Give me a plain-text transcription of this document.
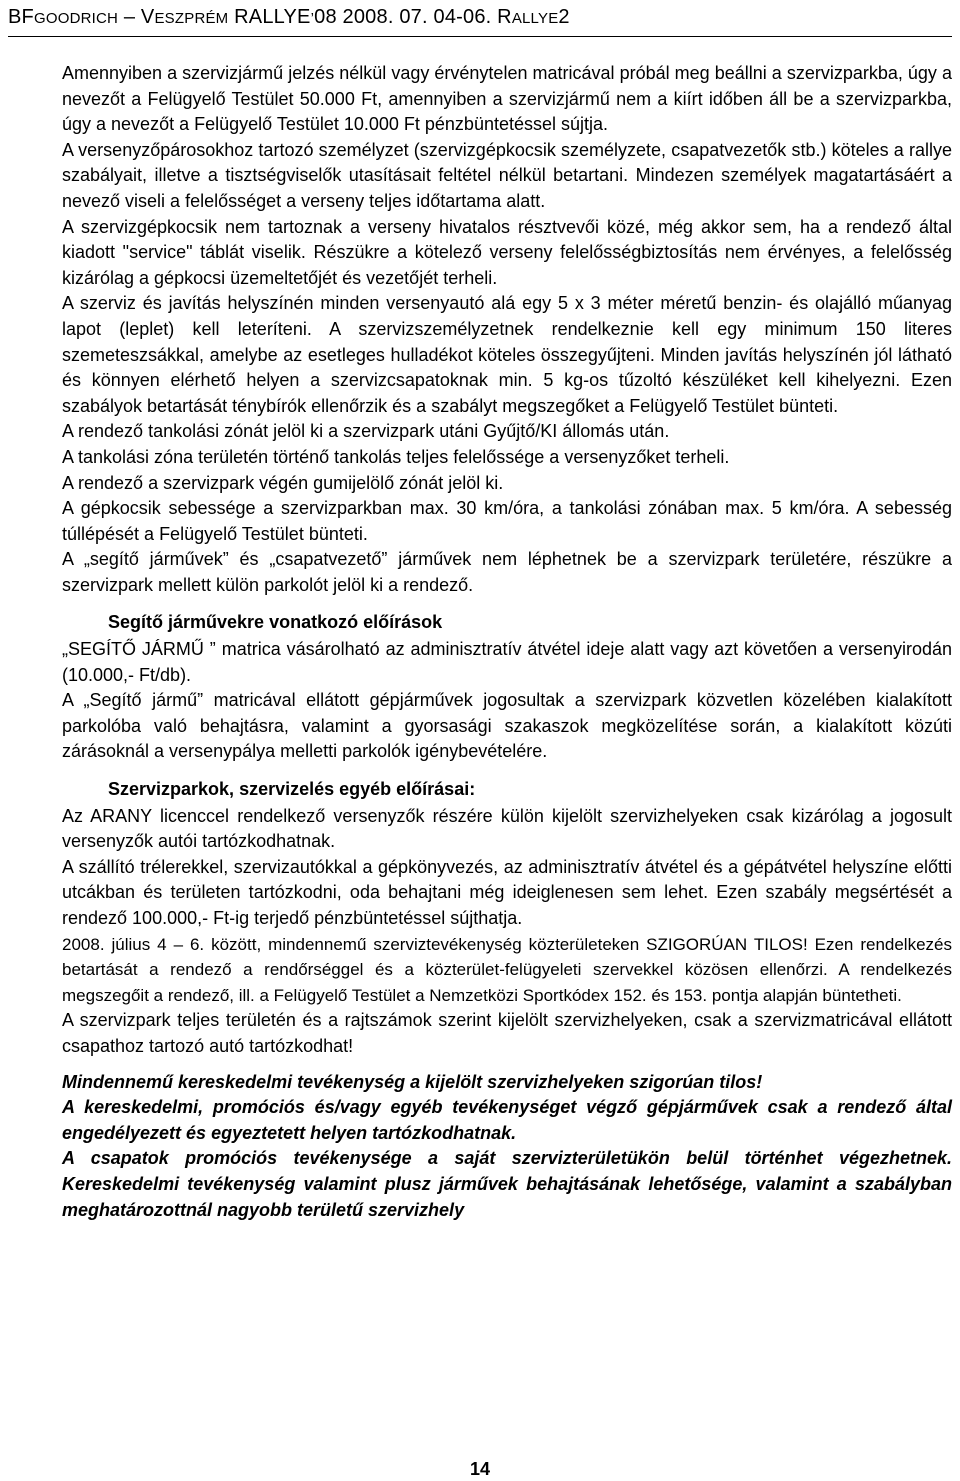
BFGOODRICH – VESZPRÉM RALLYE’08 2008. 07. 04-06. RALLYE2

Amennyiben a szervizjármű jelzés nélkül vagy érvénytelen matricával próbál meg beállni a szervizparkba, úgy a nevezőt a Felügyelő Testület 50.000 Ft, amennyiben a szervizjármű nem a kiírt időben áll be a szervizparkba, úgy a nevezőt a Felügyelő Testület 10.000 Ft pénzbüntetéssel sújtja.

A versenyzőpárosokhoz tartozó személyzet (szervizgépkocsik személyzete, csapatvezetők stb.) köteles a rallye szabályait, illetve a tisztségviselők utasításait feltétel nélkül betartani. Mindezen személyek magatartásáért a nevező viseli a felelősséget a verseny teljes időtartama alatt.

A szervizgépkocsik nem tartoznak a verseny hivatalos résztvevői közé, még akkor sem, ha a rendező által kiadott "service" táblát viselik. Részükre a kötelező verseny felelősségbiztosítás nem érvényes, a felelősség kizárólag a gépkocsi üzemeltetőjét és vezetőjét terheli.

A szerviz és javítás helyszínén minden versenyautó alá egy 5 x 3 méter méretű benzin- és olajálló műanyag lapot (leplet) kell leteríteni. A szervizszemélyzetnek rendelkeznie kell egy minimum 150 literes szemeteszsákkal, amelybe az esetleges hulladékot köteles összegyűjteni. Minden javítás helyszínén jól látható és könnyen elérhető helyen a szervizcsapatoknak min. 5 kg-os tűzoltó készüléket kell kihelyezni. Ezen szabályok betartását ténybírók ellenőrzik és a szabályt megszegőket a Felügyelő Testület bünteti.

A rendező tankolási zónát jelöl ki a szervizpark utáni Gyűjtő/KI állomás után.

A tankolási zóna területén történő tankolás teljes felelőssége a versenyzőket terheli.

A rendező a szervizpark végén gumijelölő zónát jelöl ki.

A gépkocsik sebessége a szervizparkban max. 30 km/óra, a tankolási zónában max. 5 km/óra. A sebesség túllépését a Felügyelő Testület bünteti.

A „segítő járművek” és „csapatvezető” járművek nem léphetnek be a szervizpark területére, részükre a szervizpark mellett külön parkolót jelöl ki a rendező.

Segítő járművekre vonatkozó előírások

„SEGÍTŐ JÁRMŰ ” matrica vásárolható az adminisztratív átvétel ideje alatt vagy azt követően a versenyirodán (10.000,- Ft/db).

A „Segítő jármű” matricával ellátott gépjárművek jogosultak a szervizpark közvetlen közelében kialakított parkolóba való behajtásra, valamint a gyorsasági szakaszok megközelítése során, a kialakított közúti zárásoknál a versenypálya melletti parkolók igénybevételére.

Szervizparkok, szervizelés egyéb előírásai:

Az ARANY licenccel rendelkező versenyzők részére külön kijelölt szervizhelyeken csak kizárólag a jogosult versenyzők autói tartózkodhatnak.

A szállító trélerekkel, szervizautókkal a gépkönyvezés, az adminisztratív átvétel és a gépátvétel helyszíne előtti utcákban és területen tartózkodni, oda behajtani még ideiglenesen sem lehet. Ezen szabály megsértését a rendező 100.000,- Ft-ig terjedő pénzbüntetéssel sújthatja.

2008. július 4 – 6. között, mindennemű szerviztevékenység közterületeken SZIGORÚAN TILOS! Ezen rendelkezés betartását a rendező a rendőrséggel és a közterület-felügyeleti szervekkel közösen ellenőrzi. A rendelkezés megszegőit a rendező, ill. a Felügyelő Testület a Nemzetközi Sportkódex 152. és 153. pontja alapján büntetheti.

A szervizpark teljes területén és a rajtszámok szerint kijelölt szervizhelyeken, csak a szervizmatricával ellátott csapathoz tartozó autó tartózkodhat!

Mindennemű kereskedelmi tevékenység a kijelölt szervizhelyeken szigorúan tilos!
A kereskedelmi, promóciós és/vagy egyéb tevékenységet végző gépjárművek csak a rendező által engedélyezett és egyeztetett helyen tartózkodhatnak.
A csapatok promóciós tevékenysége a saját szervizterületükön belül történhet végezhetnek. Kereskedelmi tevékenység valamint plusz járművek behajtásának lehetősége, valamint a szabályban meghatározottnál nagyobb területű szervizhely

14
